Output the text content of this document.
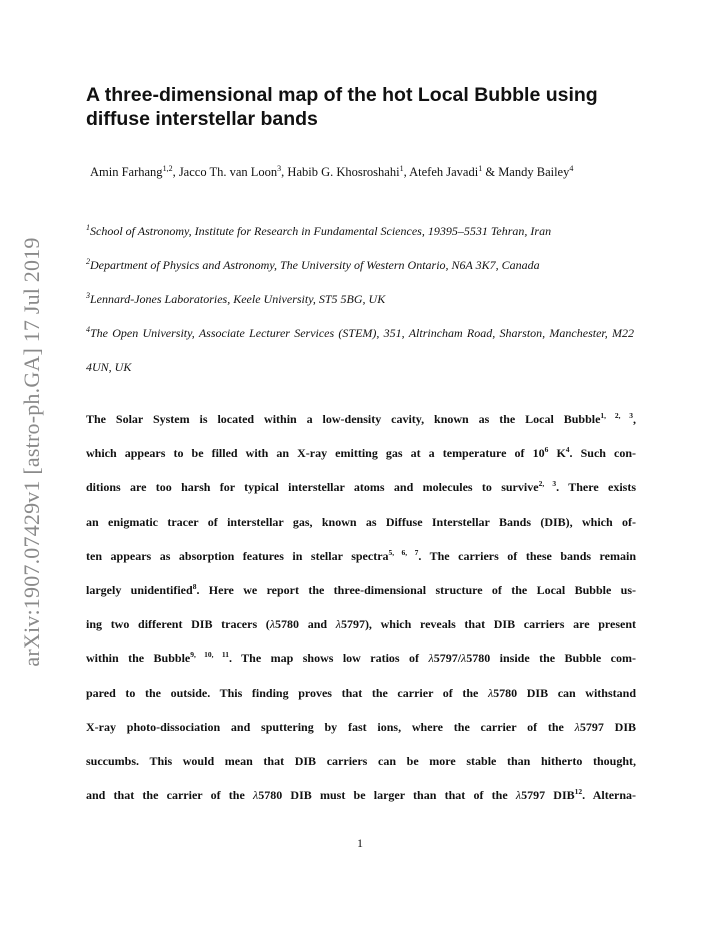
arXiv:1907.07429v1 [astro-ph.GA] 17 Jul 2019
A three-dimensional map of the hot Local Bubble using
diffuse interstellar bands
Amin Farhang$^{1,2}$, Jacco Th. van Loon$^3$, Habib G. Khosroshahi$^1$, Atefeh Javadi$^1$ & Mandy Bailey$^4$
$^1$School of Astronomy, Institute for Research in Fundamental Sciences, 19395–5531 Tehran, Iran
$^2$Department of Physics and Astronomy, The University of Western Ontario, N6A 3K7, Canada
$^3$Lennard-Jones Laboratories, Keele University, ST5 5BG, UK
$^4$The Open University, Associate Lecturer Services (STEM), 351, Altrincham Road, Sharston, Manchester, M22 4UN, UK
The Solar System is located within a low-density cavity, known as the Local Bubble$^{1, 2, 3}$,
which appears to be filled with an X-ray emitting gas at a temperature of $10^6$ $K^4$. Such con-
ditions are too harsh for typical interstellar atoms and molecules to survive$^{2, 3}$. There exists
an enigmatic tracer of interstellar gas, known as Diffuse Interstellar Bands (DIB), which of-
ten appears as absorption features in stellar spectra$^{5, 6, 7}$. The carriers of these bands remain
largely unidentified$^8$. Here we report the three-dimensional structure of the Local Bubble us-
ing two different DIB tracers (λ5780 and λ5797), which reveals that DIB carriers are present
within the Bubble$^{9, 10, 11}$. The map shows low ratios of λ5797/λ5780 inside the Bubble com-
pared to the outside. This finding proves that the carrier of the λ5780 DIB can withstand
X-ray photo-dissociation and sputtering by fast ions, where the carrier of the λ5797 DIB
succumbs. This would mean that DIB carriers can be more stable than hitherto thought,
and that the carrier of the λ5780 DIB must be larger than that of the λ5797 DIB$^{12}$. Alterna-
1
